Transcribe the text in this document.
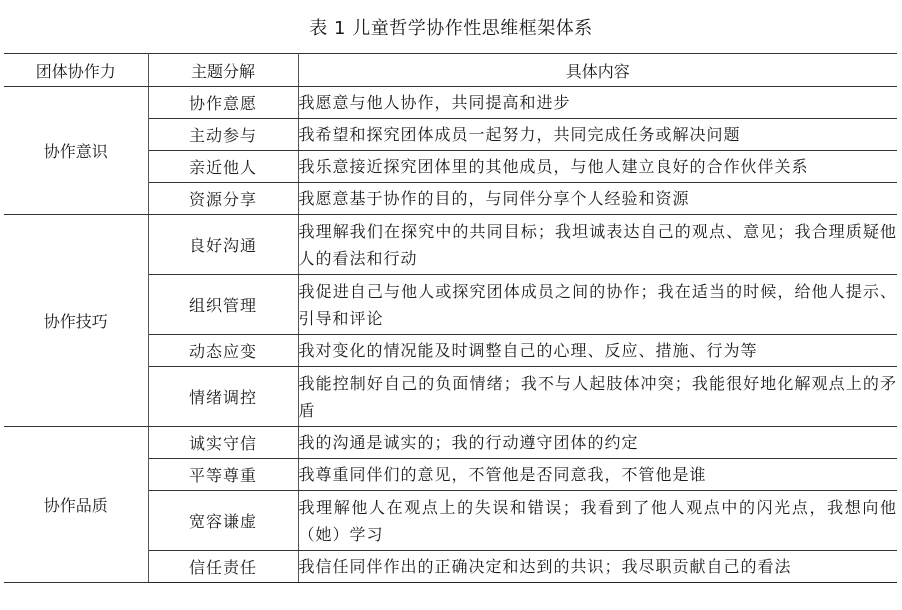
表 1 儿童哲学协作性思维框架体系
团体协作力	主题分解	具体内容
协作意识	协作意愿	我愿意与他人协作，共同提高和进步
	主动参与	我希望和探究团体成员一起努力，共同完成任务或解决问题
	亲近他人	我乐意接近探究团体里的其他成员，与他人建立良好的合作伙伴关系
	资源分享	我愿意基于协作的目的，与同伴分享个人经验和资源
协作技巧	良好沟通	我理解我们在探究中的共同目标；我坦诚表达自己的观点、意见；我合理质疑他人的看法和行动
	组织管理	我促进自己与他人或探究团体成员之间的协作；我在适当的时候，给他人提示、引导和评论
	动态应变	我对变化的情况能及时调整自己的心理、反应、措施、行为等
	情绪调控	我能控制好自己的负面情绪；我不与人起肢体冲突；我能很好地化解观点上的矛盾
协作品质	诚实守信	我的沟通是诚实的；我的行动遵守团体的约定
	平等尊重	我尊重同伴们的意见，不管他是否同意我，不管他是谁
	宽容谦虚	我理解他人在观点上的失误和错误；我看到了他人观点中的闪光点，我想向他（她）学习
	信任责任	我信任同伴作出的正确决定和达到的共识；我尽职贡献自己的看法
